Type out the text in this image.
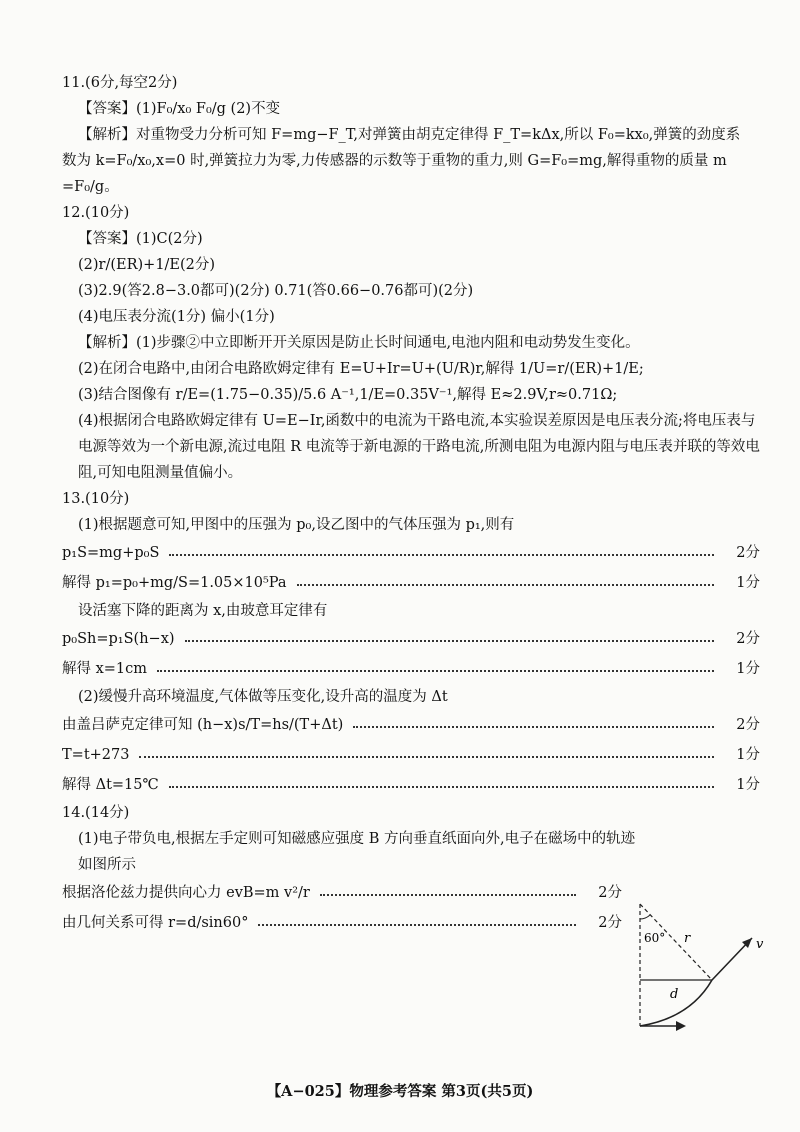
11.(6分,每空2分)
【答案】(1)F₀/x₀ F₀/g (2)不变
【解析】对重物受力分析可知 F=mg−F_T,对弹簧由胡克定律得 F_T=kΔx,所以 F₀=kx₀,弹簧的劲度系
数为 k=F₀/x₀,x=0 时,弹簧拉力为零,力传感器的示数等于重物的重力,则 G=F₀=mg,解得重物的质量 m
=F₀/g。
12.(10分)
【答案】(1)C(2分)
(2)r/(ER)+1/E(2分)
(3)2.9(答2.8−3.0都可)(2分) 0.71(答0.66−0.76都可)(2分)
(4)电压表分流(1分) 偏小(1分)
【解析】(1)步骤②中立即断开开关原因是防止长时间通电,电池内阻和电动势发生变化。
(2)在闭合电路中,由闭合电路欧姆定律有 E=U+Ir=U+(U/R)r,解得 1/U=r/(ER)+1/E;
(3)结合图像有 r/E=(1.75−0.35)/5.6 A⁻¹,1/E=0.35V⁻¹,解得 E≈2.9V,r≈0.71Ω;
(4)根据闭合电路欧姆定律有 U=E−Ir,函数中的电流为干路电流,本实验误差原因是电压表分流;将电压表与电源等效为一个新电源,流过电阻 R 电流等于新电源的干路电流,所测电阻为电源内阻与电压表并联的等效电阻,可知电阻测量值偏小。
13.(10分)
(1)根据题意可知,甲图中的压强为 p₀,设乙图中的气体压强为 p₁,则有
p₁S=mg+p₀S	2分
解得 p₁=p₀+mg/S=1.05×10⁵Pa	1分
设活塞下降的距离为 x,由玻意耳定律有
p₀Sh=p₁S(h−x)	2分
解得 x=1cm	1分
(2)缓慢升高环境温度,气体做等压变化,设升高的温度为 Δt
由盖吕萨克定律可知 (h−x)s/T=hs/(T+Δt)	2分
T=t+273	1分
解得 Δt=15℃	1分
14.(14分)
(1)电子带负电,根据左手定则可知磁感应强度 B 方向垂直纸面向外,电子在磁场中的轨迹如图所示
根据洛伦兹力提供向心力 evB=m v²/r	2分
由几何关系可得 r=d/sin60°	2分
60° r
d
v
【A−025】物理参考答案 第3页(共5页)
